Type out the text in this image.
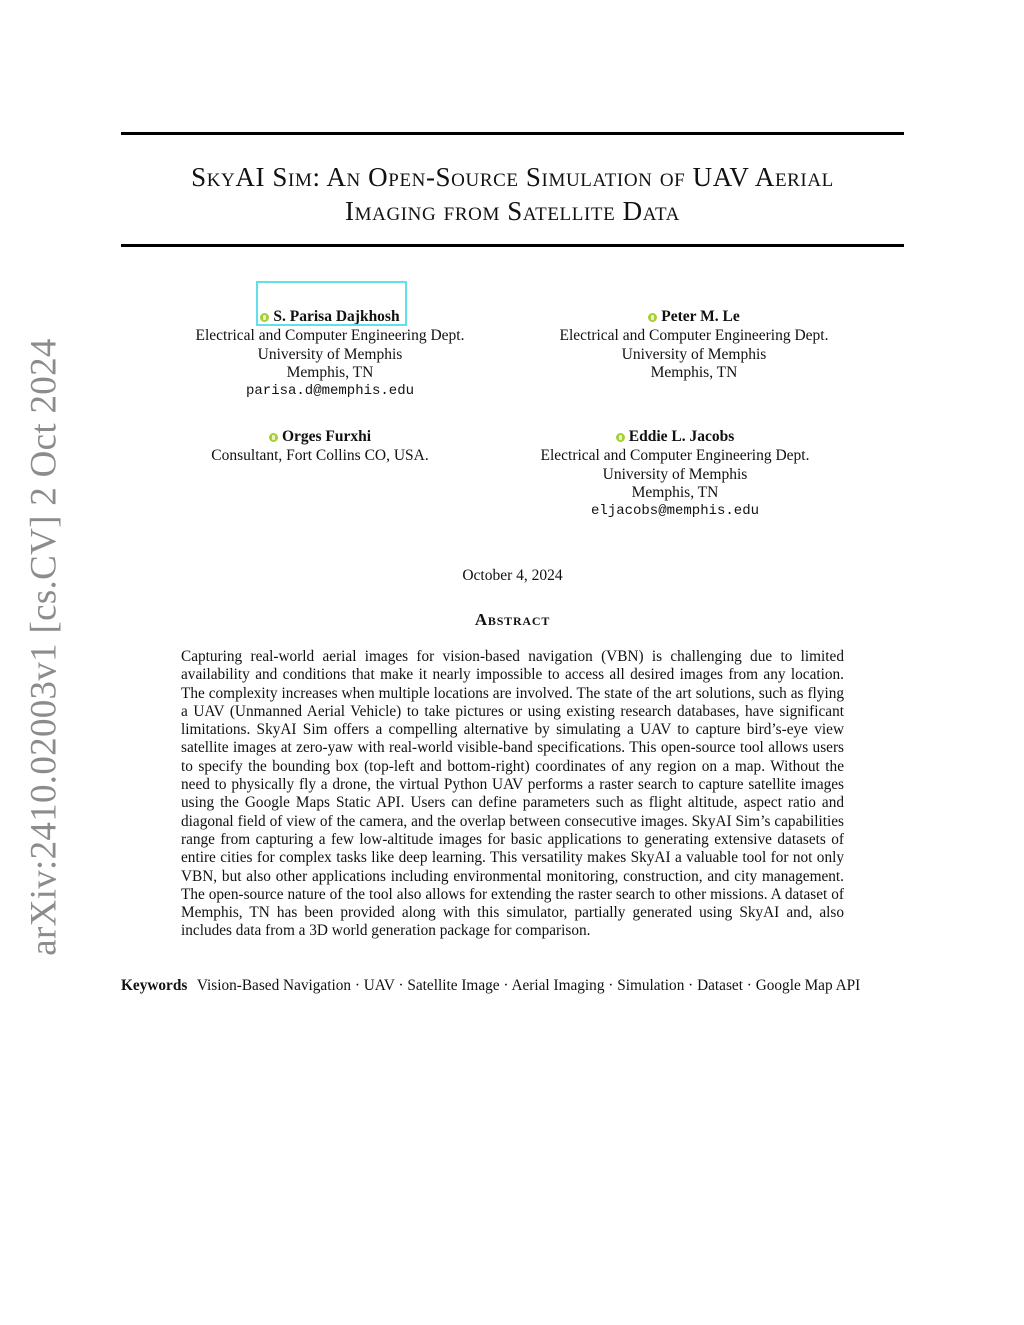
arXiv:2410.02003v1 [cs.CV] 2 Oct 2024
SkyAI Sim: An Open-Source Simulation of UAV Aerial
Imaging from Satellite Data
S. Parisa Dajkhosh
Electrical and Computer Engineering Dept.
University of Memphis
Memphis, TN
parisa.d@memphis.edu
Peter M. Le
Electrical and Computer Engineering Dept.
University of Memphis
Memphis, TN
Orges Furxhi
Consultant, Fort Collins CO, USA.
Eddie L. Jacobs
Electrical and Computer Engineering Dept.
University of Memphis
Memphis, TN
eljacobs@memphis.edu
October 4, 2024
Abstract
Capturing real-world aerial images for vision-based navigation (VBN) is challenging due to limited availability and conditions that make it nearly impossible to access all desired images from any location. The complexity increases when multiple locations are involved. The state of the art solutions, such as flying a UAV (Unmanned Aerial Vehicle) to take pictures or using existing research databases, have significant limitations. SkyAI Sim offers a compelling alternative by simulating a UAV to capture bird’s-eye view satellite images at zero-yaw with real-world visible-band specifications. This open-source tool allows users to specify the bounding box (top-left and bottom-right) coordinates of any region on a map. Without the need to physically fly a drone, the virtual Python UAV performs a raster search to capture satellite images using the Google Maps Static API. Users can define parameters such as flight altitude, aspect ratio and diagonal field of view of the camera, and the overlap between consecutive images. SkyAI Sim’s capabilities range from capturing a few low-altitude images for basic applications to generating extensive datasets of entire cities for complex tasks like deep learning. This versatility makes SkyAI a valuable tool for not only VBN, but also other applications including environmental monitoring, construction, and city management. The open-source nature of the tool also allows for extending the raster search to other missions. A dataset of Memphis, TN has been provided along with this simulator, partially generated using SkyAI and, also includes data from a 3D world generation package for comparison.
Keywords Vision-Based Navigation · UAV · Satellite Image · Aerial Imaging · Simulation · Dataset · Google Map API
